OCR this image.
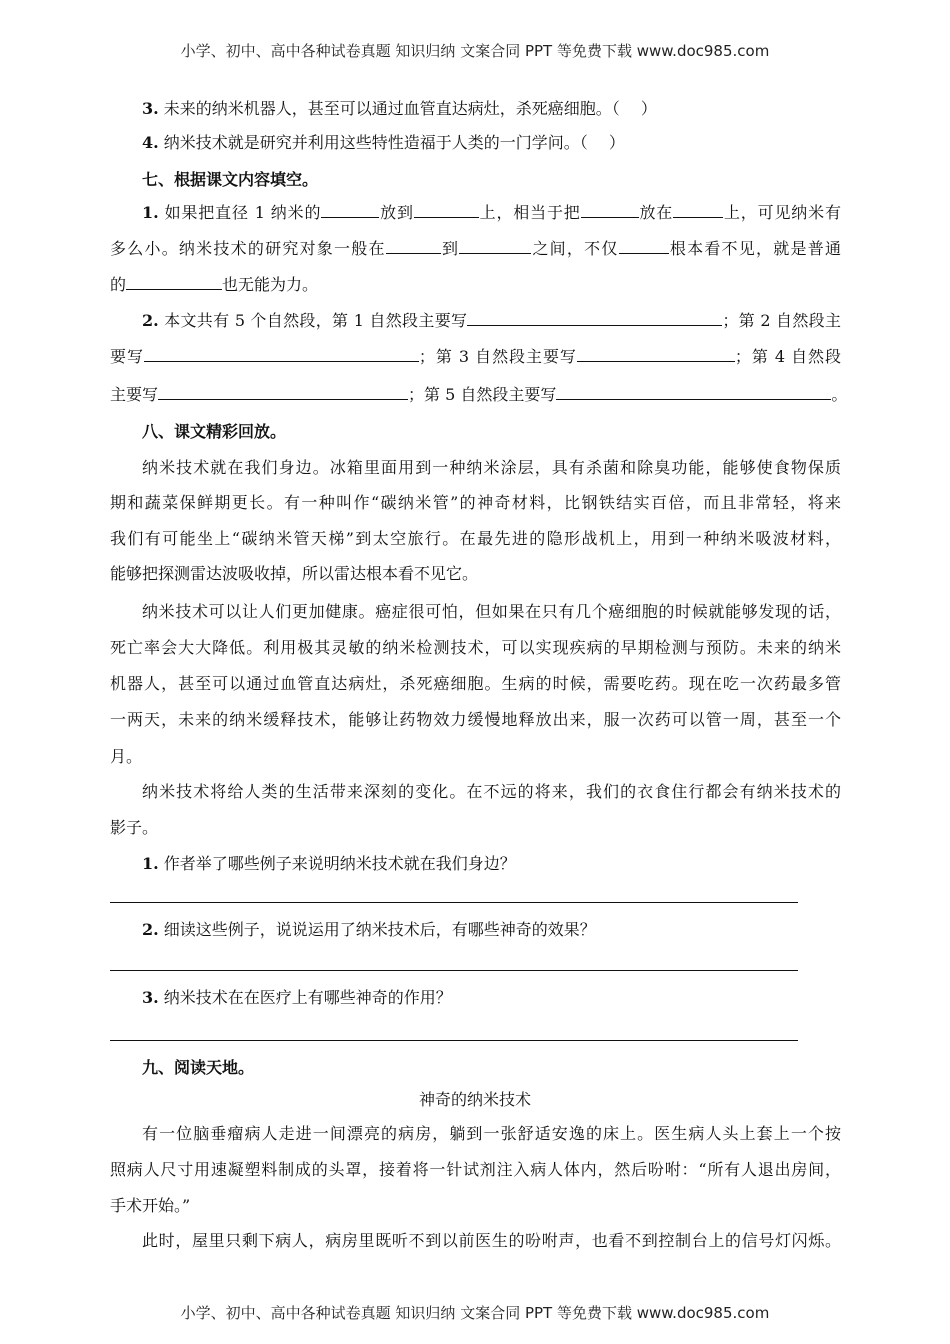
小学、初中、高中各种试卷真题 知识归纳 文案合同 PPT 等免费下载 www.doc985.com
3. 未来的纳米机器人，甚至可以通过血管直达病灶，杀死癌细胞。（　 ）
4. 纳米技术就是研究并利用这些特性造福于人类的一门学问。（　 ）
七、根据课文内容填空。
1. 如果把直径 1 纳米的	放到	上，相当于把	放在	上，可见纳米有
多么小。纳米技术的研究对象一般在	到	之间，不仅	根本看不见，就是普通
的	也无能为力。
2. 本文共有 5 个自然段，第 1 自然段主要写	；第 2 自然段主
要写	；第 3 自然段主要写	；第 4 自然段
主要写	；第 5 自然段主要写	。
八、课文精彩回放。
纳米技术就在我们身边。冰箱里面用到一种纳米涂层，具有杀菌和除臭功能，能够使食物保质
期和蔬菜保鲜期更长。有一种叫作“碳纳米管”的神奇材料，比钢铁结实百倍，而且非常轻，将来
我们有可能坐上“碳纳米管天梯”到太空旅行。在最先进的隐形战机上，用到一种纳米吸波材料，
能够把探测雷达波吸收掉，所以雷达根本看不见它。
纳米技术可以让人们更加健康。癌症很可怕，但如果在只有几个癌细胞的时候就能够发现的话，
死亡率会大大降低。利用极其灵敏的纳米检测技术，可以实现疾病的早期检测与预防。未来的纳米
机器人，甚至可以通过血管直达病灶，杀死癌细胞。生病的时候，需要吃药。现在吃一次药最多管
一两天，未来的纳米缓释技术，能够让药物效力缓慢地释放出来，服一次药可以管一周，甚至一个
月。
纳米技术将给人类的生活带来深刻的变化。在不远的将来，我们的衣食住行都会有纳米技术的
影子。
1. 作者举了哪些例子来说明纳米技术就在我们身边？
2. 细读这些例子，说说运用了纳米技术后，有哪些神奇的效果？
3. 纳米技术在在医疗上有哪些神奇的作用？
九、阅读天地。
神奇的纳米技术
有一位脑垂瘤病人走进一间漂亮的病房，躺到一张舒适安逸的床上。医生病人头上套上一个按
照病人尺寸用速凝塑料制成的头罩，接着将一针试剂注入病人体内，然后吩咐：“所有人退出房间，
手术开始。”
此时，屋里只剩下病人，病房里既听不到以前医生的吩咐声，也看不到控制台上的信号灯闪烁。
小学、初中、高中各种试卷真题 知识归纳 文案合同 PPT 等免费下载 www.doc985.com
